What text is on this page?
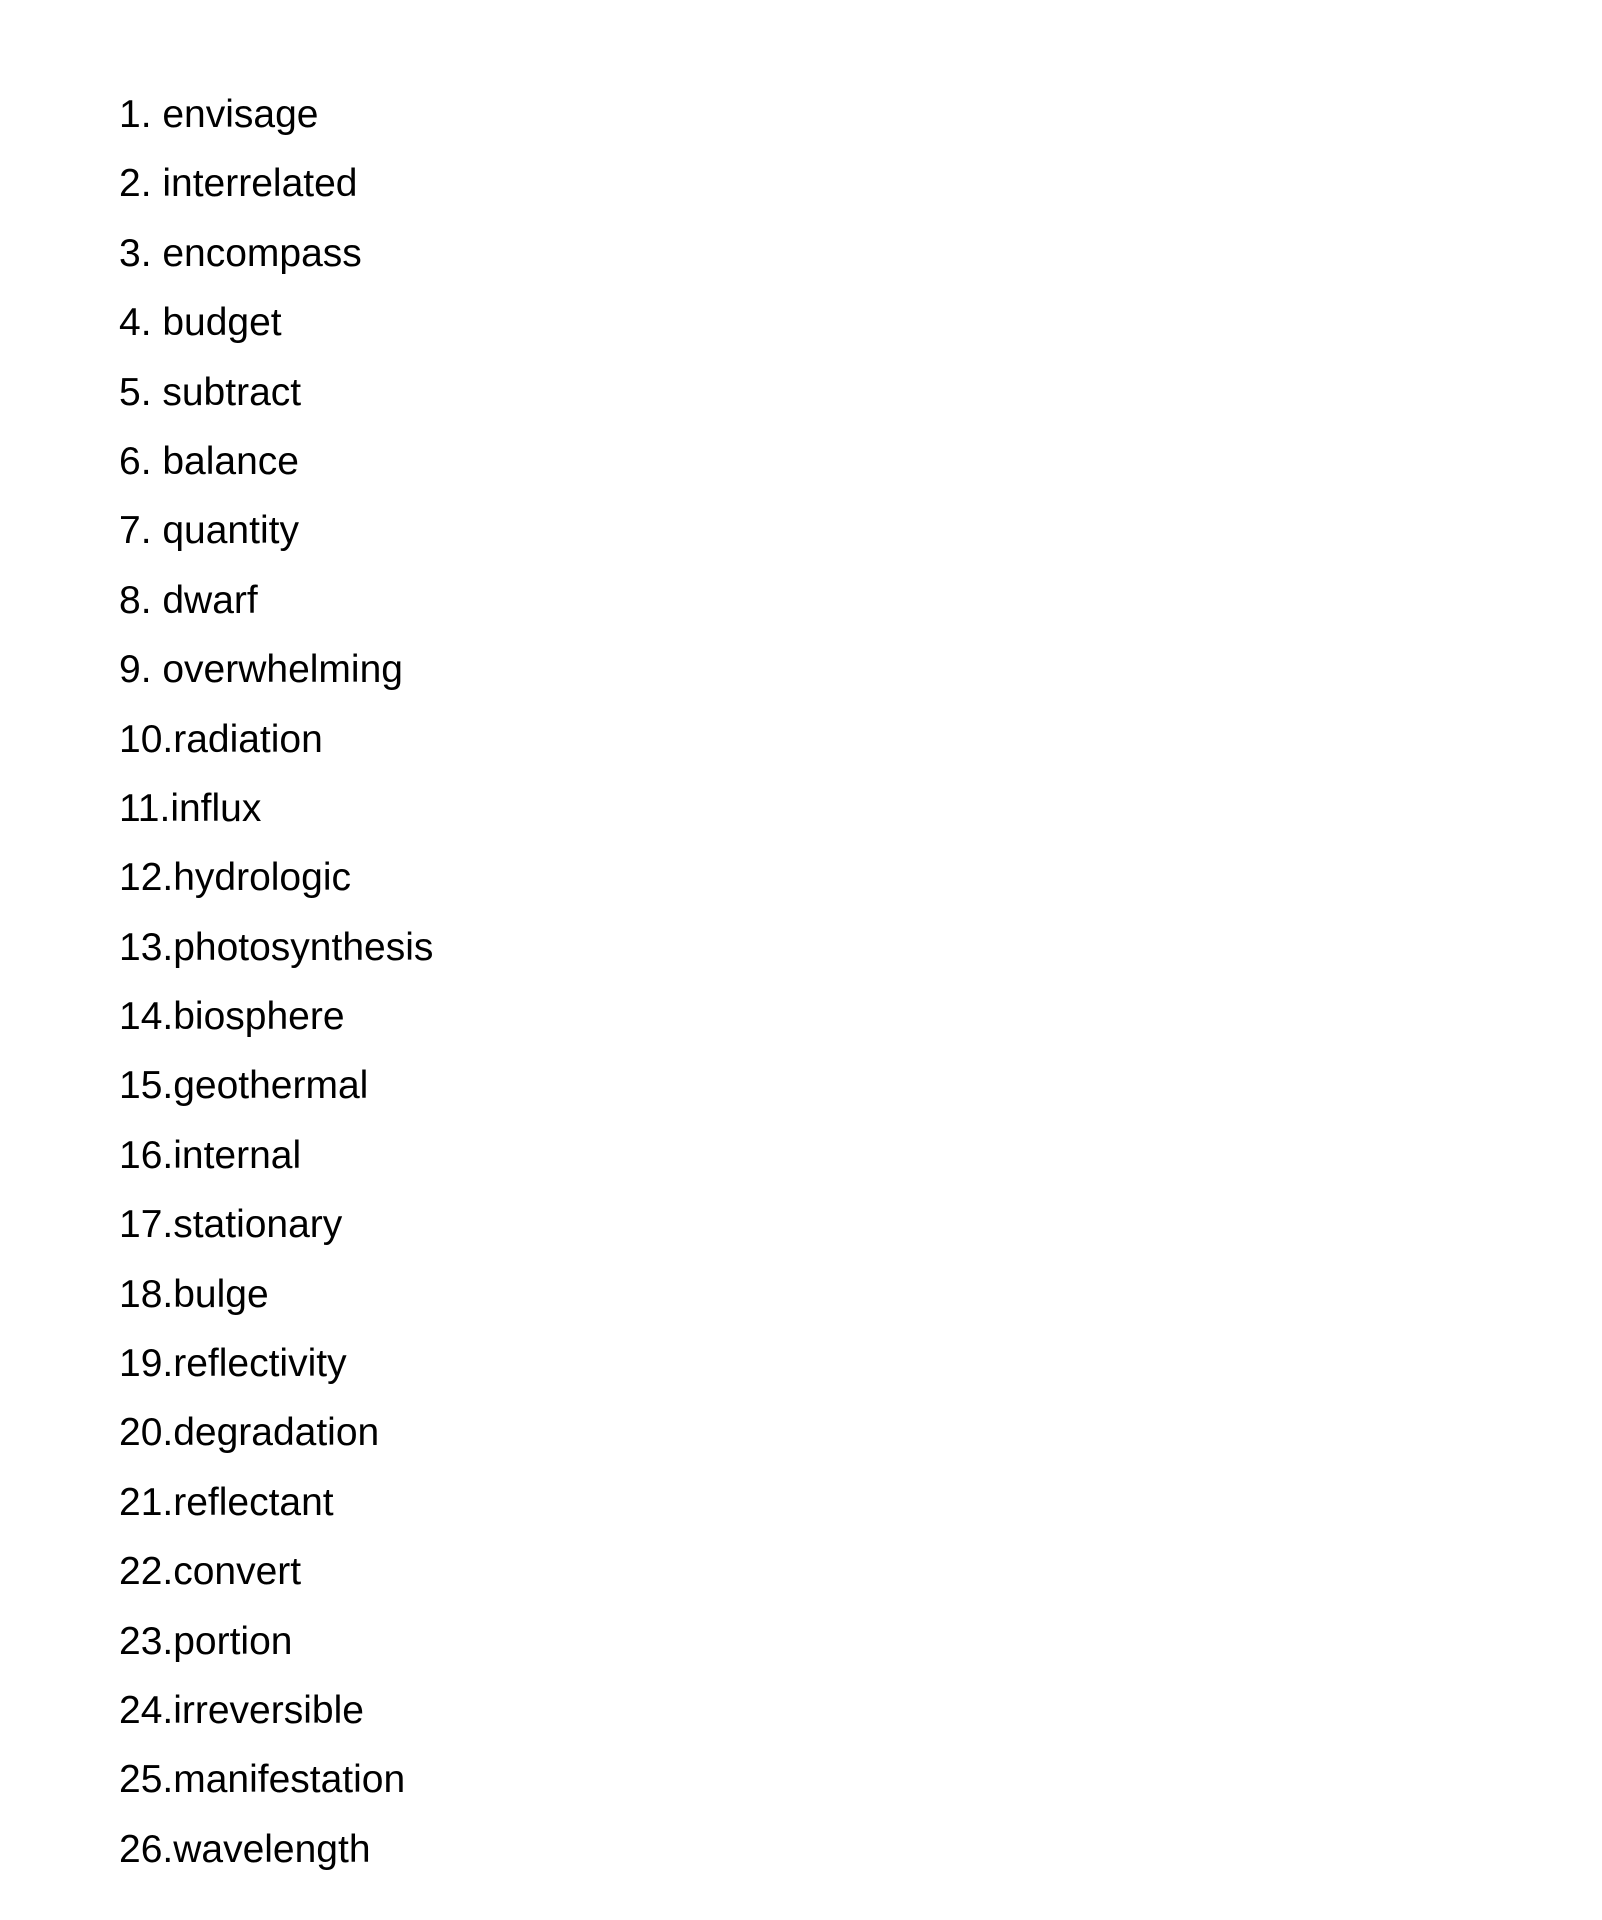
1. envisage
2. interrelated
3. encompass
4. budget
5. subtract
6. balance
7. quantity
8. dwarf
9. overwhelming
10.radiation
11.influx
12.hydrologic
13.photosynthesis
14.biosphere
15.geothermal
16.internal
17.stationary
18.bulge
19.reflectivity
20.degradation
21.reflectant
22.convert
23.portion
24.irreversible
25.manifestation
26.wavelength
